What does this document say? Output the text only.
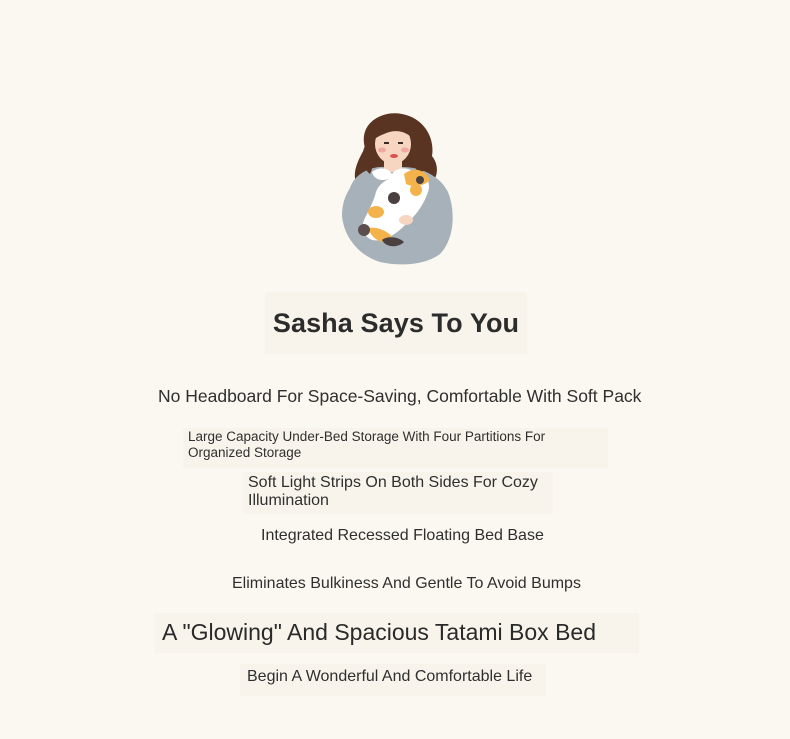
Sasha Says To You
No Headboard For Space-Saving, Comfortable With Soft Pack
Large Capacity Under-Bed Storage With Four Partitions For Organized Storage
Soft Light Strips On Both Sides For Cozy Illumination
Integrated Recessed Floating Bed Base
Eliminates Bulkiness And Gentle To Avoid Bumps
A "Glowing" And Spacious Tatami Box Bed
Begin A Wonderful And Comfortable Life
